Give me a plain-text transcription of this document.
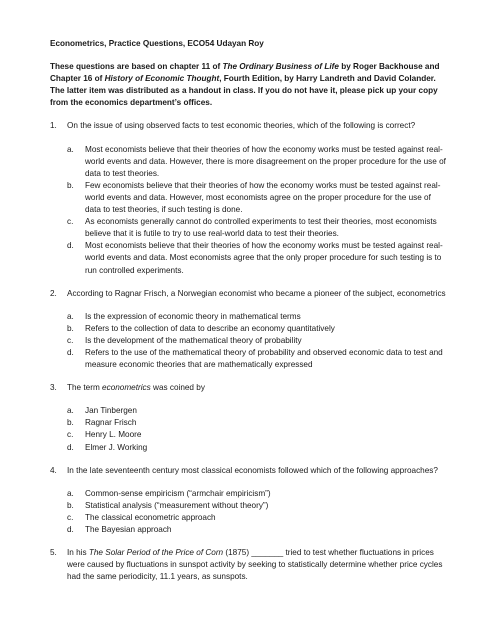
Econometrics, Practice Questions, ECO54 Udayan Roy

These questions are based on chapter 11 of The Ordinary Business of Life by Roger Backhouse and Chapter 16 of History of Economic Thought, Fourth Edition, by Harry Landreth and David Colander. The latter item was distributed as a handout in class. If you do not have it, please pick up your copy from the economics department’s offices.

1.	On the issue of using observed facts to test economic theories, which of the following is correct?
a.	Most economists believe that their theories of how the economy works must be tested against real-world events and data. However, there is more disagreement on the proper procedure for the use of data to test theories.
b.	Few economists believe that their theories of how the economy works must be tested against real-world events and data. However, most economists agree on the proper procedure for the use of data to test theories, if such testing is done.
c.	As economists generally cannot do controlled experiments to test their theories, most economists believe that it is futile to try to use real-world data to test their theories.
d.	Most economists believe that their theories of how the economy works must be tested against real-world events and data. Most economists agree that the only proper procedure for such testing is to run controlled experiments.
2.	According to Ragnar Frisch, a Norwegian economist who became a pioneer of the subject, econometrics
a.	Is the expression of economic theory in mathematical terms
b.	Refers to the collection of data to describe an economy quantitatively
c.	Is the development of the mathematical theory of probability
d.	Refers to the use of the mathematical theory of probability and observed economic data to test and measure economic theories that are mathematically expressed
3.	The term econometrics was coined by
a.	Jan Tinbergen
b.	Ragnar Frisch
c.	Henry L. Moore
d.	Elmer J. Working
4.	In the late seventeenth century most classical economists followed which of the following approaches?
a.	Common-sense empiricism (“armchair empiricism”)
b.	Statistical analysis (“measurement without theory”)
c.	The classical econometric approach
d.	The Bayesian approach
5.	In his The Solar Period of the Price of Corn (1875) _______ tried to test whether fluctuations in prices were caused by fluctuations in sunspot activity by seeking to statistically determine whether price cycles had the same periodicity, 11.1 years, as sunspots.
